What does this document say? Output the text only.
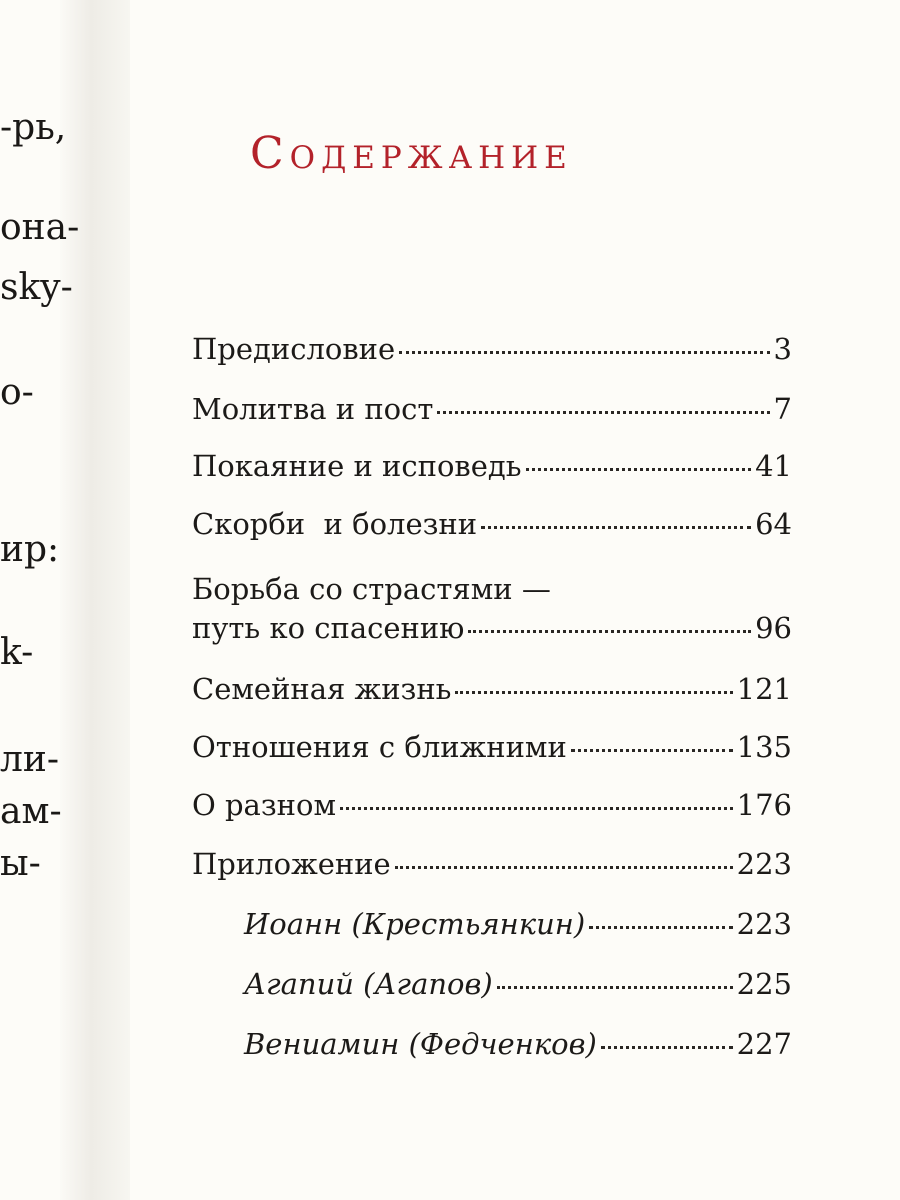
-рь,
она-
sky-
о-
ир:
k-
ли-
ам-
ы-
Содержание
Предисловие	3
Молитва и пост	7
Покаяние и исповедь	41
Скорби  и болезни	64
Борьба со страстями —
путь ко спасению	96
Семейная жизнь	121
Отношения с ближними	135
О разном	176
Приложение	223
Иоанн (Крестьянкин)	223
Агапий (Агапов)	225
Вениамин (Федченков)	227
